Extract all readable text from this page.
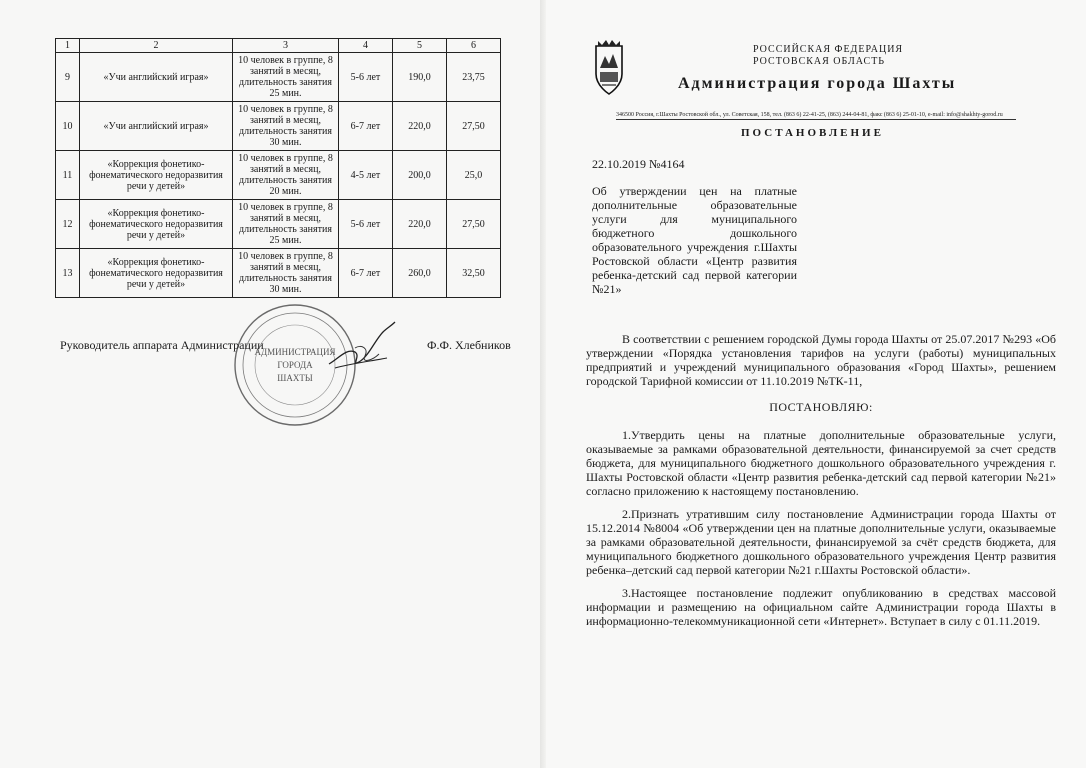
1	2	3	4	5	6
9	«Учи английский играя»	10 человек в группе, 8 занятий в месяц, длительность занятия 25 мин.	5-6 лет	190,0	23,75
10	«Учи английский играя»	10 человек в группе, 8 занятий в месяц, длительность занятия 30 мин.	6-7 лет	220,0	27,50
11	«Коррекция фонетико-фонематического недоразвития речи у детей»	10 человек в группе, 8 занятий в месяц, длительность занятия 20 мин.	4-5 лет	200,0	25,0
12	«Коррекция фонетико-фонематического недоразвития речи у детей»	10 человек в группе, 8 занятий в месяц, длительность занятия 25 мин.	5-6 лет	220,0	27,50
13	«Коррекция фонетико-фонематического недоразвития речи у детей»	10 человек в группе, 8 занятий в месяц, длительность занятия 30 мин.	6-7 лет	260,0	32,50
АДМИНИСТРАЦИЯ
ГОРОДА
ШАХТЫ
Руководитель аппарата Администрации	Ф.Ф. Хлебников
РОССИЙСКАЯ ФЕДЕРАЦИЯ
РОСТОВСКАЯ ОБЛАСТЬ
Администрация города Шахты
346500 Россия, г.Шахты Ростовской обл., ул. Советская, 158, тел. (863 6) 22-41-25, (863) 244-04-81, факс (863 6) 25-01-10, e-mail: info@shakhty-gorod.ru
ПОСТАНОВЛЕНИЕ
22.10.2019 №4164
Об утверждении цен на платные дополнительные образовательные услуги для муниципального бюджетного дошкольного образовательного учреждения г.Шахты Ростовской области «Центр развития ребенка-детский сад первой категории №21»

В соответствии с решением городской Думы города Шахты от 25.07.2017 №293 «Об утверждении «Порядка установления тарифов на услуги (работы) муниципальных предприятий и учреждений муниципального образования «Город Шахты», решением городской Тарифной комиссии от 11.10.2019 №ТК-11,

ПОСТАНОВЛЯЮ:

1.Утвердить цены на платные дополнительные образовательные услуги, оказываемые за рамками образовательной деятельности, финансируемой за счет средств бюджета, для муниципального бюджетного дошкольного образовательного учреждения г. Шахты Ростовской области «Центр развития ребенка-детский сад первой категории №21» согласно приложению к настоящему постановлению.

2.Признать утратившим силу постановление Администрации города Шахты от 15.12.2014 №8004 «Об утверждении цен на платные дополнительные услуги, оказываемые за рамками образовательной деятельности, финансируемой за счёт средств бюджета, для муниципального бюджетного дошкольного образовательного учреждения Центр развития ребенка–детский сад первой категории №21 г.Шахты Ростовской области».

3.Настоящее постановление подлежит опубликованию в средствах массовой информации и размещению на официальном сайте Администрации города Шахты в информационно-телекоммуникационной сети «Интернет». Вступает в силу с 01.11.2019.
